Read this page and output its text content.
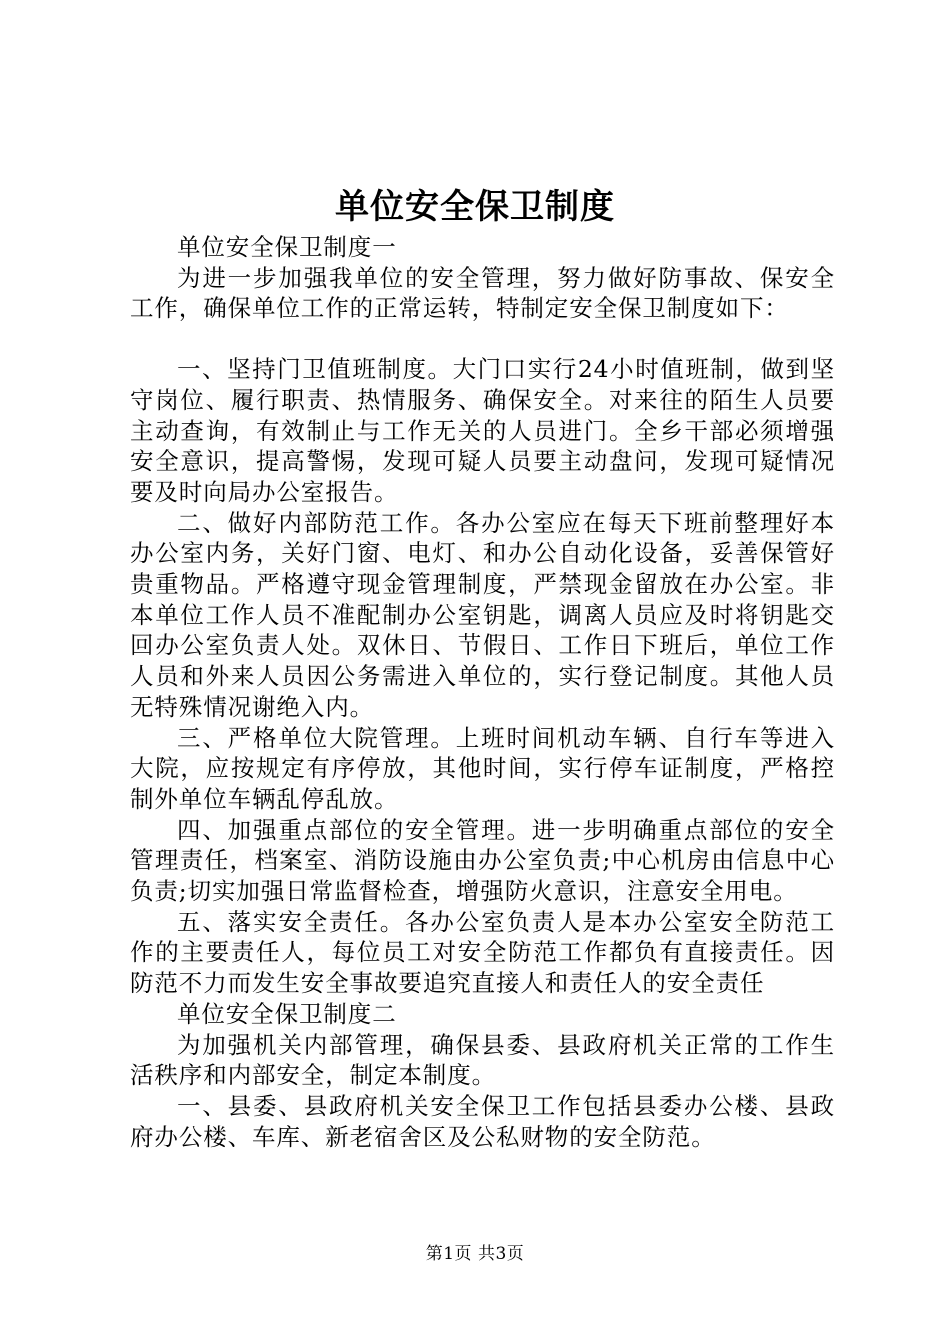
单位安全保卫制度

单位安全保卫制度一

为进一步加强我单位的安全管理，努力做好防事故、保安全工作，确保单位工作的正常运转，特制定安全保卫制度如下：

一、坚持门卫值班制度。大门口实行24小时值班制，做到坚守岗位、履行职责、热情服务、确保安全。对来往的陌生人员要主动查询，有效制止与工作无关的人员进门。全乡干部必须增强安全意识，提高警惕，发现可疑人员要主动盘问，发现可疑情况要及时向局办公室报告。

二、做好内部防范工作。各办公室应在每天下班前整理好本办公室内务，关好门窗、电灯、和办公自动化设备，妥善保管好贵重物品。严格遵守现金管理制度，严禁现金留放在办公室。非本单位工作人员不准配制办公室钥匙，调离人员应及时将钥匙交回办公室负责人处。双休日、节假日、工作日下班后，单位工作人员和外来人员因公务需进入单位的，实行登记制度。其他人员无特殊情况谢绝入内。

三、严格单位大院管理。上班时间机动车辆、自行车等进入大院，应按规定有序停放，其他时间，实行停车证制度，严格控制外单位车辆乱停乱放。

四、加强重点部位的安全管理。进一步明确重点部位的安全管理责任，档案室、消防设施由办公室负责;中心机房由信息中心负责;切实加强日常监督检查，增强防火意识，注意安全用电。

五、落实安全责任。各办公室负责人是本办公室安全防范工作的主要责任人，每位员工对安全防范工作都负有直接责任。因防范不力而发生安全事故要追究直接人和责任人的安全责任

单位安全保卫制度二

为加强机关内部管理，确保县委、县政府机关正常的工作生活秩序和内部安全，制定本制度。

一、县委、县政府机关安全保卫工作包括县委办公楼、县政府办公楼、车库、新老宿舍区及公私财物的安全防范。

第1页 共3页
